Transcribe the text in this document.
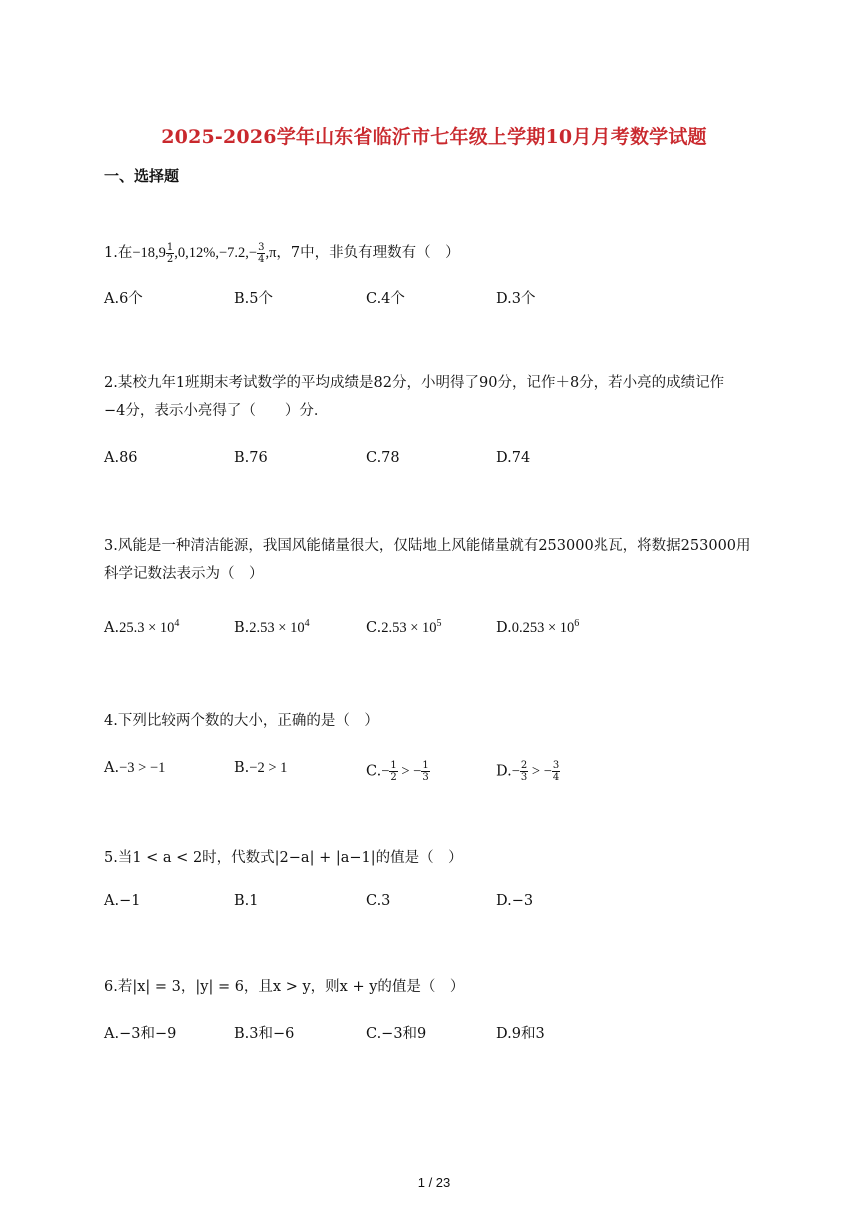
2025-2026学年山东省临沂市七年级上学期10月月考数学试题
一、选择题
1.在$-18,9 \frac{1}{2} ,0,12\%,-7.2,- \frac{3}{4} ,\pi$，7中，非负有理数有（　）
A.6个	B.5个	C.4个	D.3个
2.某校九年1班期末考试数学的平均成绩是82分，小明得了90分，记作＋8分，若小亮的成绩记作
−4分，表示小亮得了（　　）分．
A.86	B.76	C.78	D.74
3.风能是一种清洁能源，我国风能储量很大，仅陆地上风能储量就有253000兆瓦，将数据253000用
科学记数法表示为（　）
$A.25.3 \times 10^4$	$B.2.53 \times 10^4$	$C.2.53 \times 10^5$	$D.0.253 \times 10^6$
4.下列比较两个数的大小，正确的是（　）
A.−3 > −1	B.−2 > 1	$C.- \frac{1}{2}$ > − $\frac{1}{3}$	$D.- \frac{2}{3}$ > − $\frac{3}{4}$
5.当1 < a < 2时，代数式|2−a| + |a−1|的值是（　）
A.−1	B.1	C.3	D.−3
6.若|x| = 3，|y| = 6，且x > y，则x + y的值是（　）
A.−3和−9	B.3和−6	C.−3和9	D.9和3
1 / 23
